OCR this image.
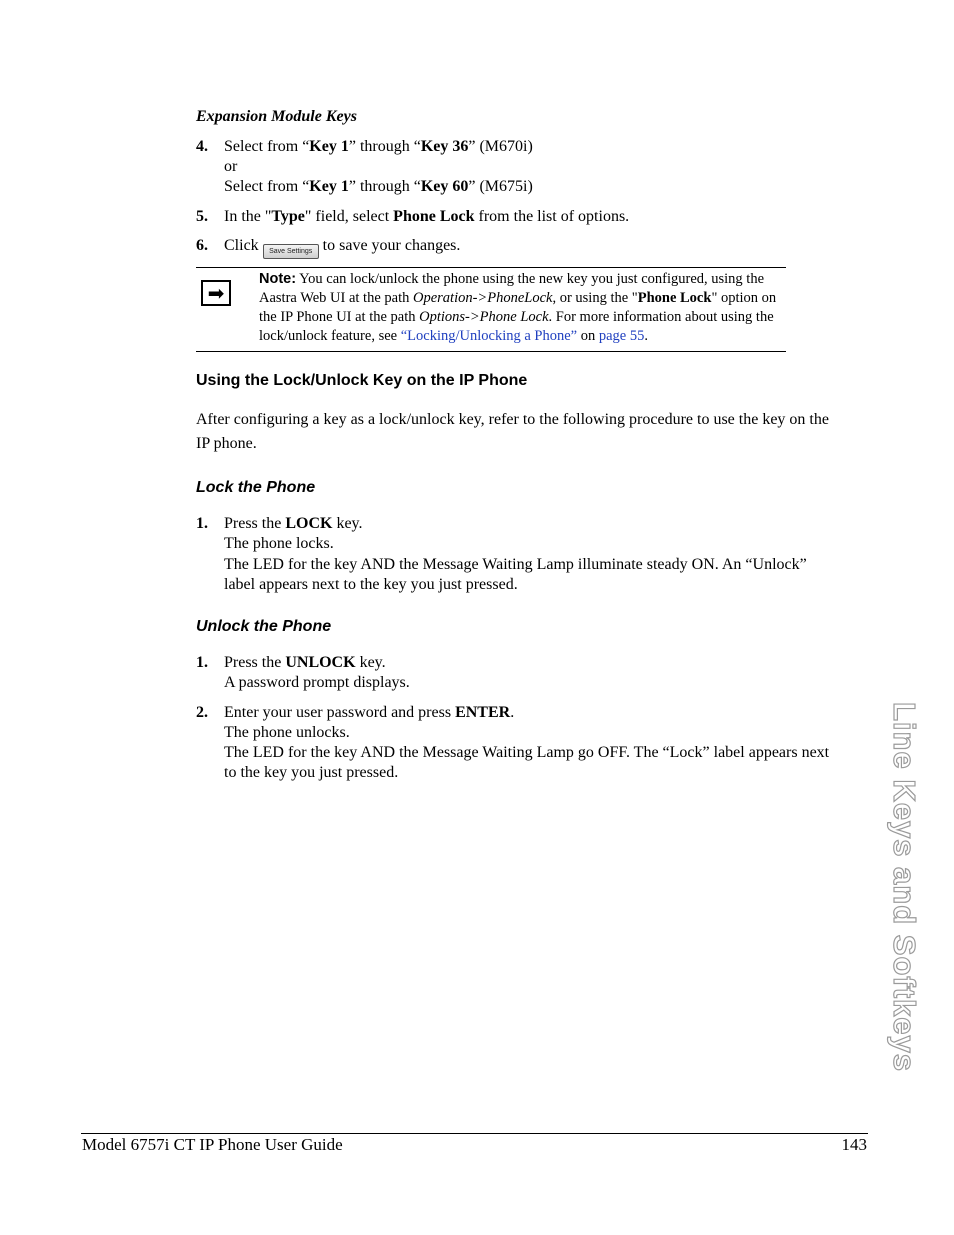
Expansion Module Keys
4. Select from “Key 1” through “Key 36” (M670i)
or
Select from “Key 1” through “Key 60” (M675i)
5. In the "Type" field, select Phone Lock from the list of options.
6. Click Save Settings to save your changes.
➡
Note: You can lock/unlock the phone using the new key you just configured, using the Aastra Web UI at the path Operation->PhoneLock, or using the "Phone Lock" option on the IP Phone UI at the path Options->Phone Lock. For more information about using the lock/unlock feature, see “Locking/Unlocking a Phone” on page 55.
Using the Lock/Unlock Key on the IP Phone
After configuring a key as a lock/unlock key, refer to the following procedure to use the key on the
IP phone.
Lock the Phone
1. Press the LOCK key.
The phone locks.
The LED for the key AND the Message Waiting Lamp illuminate steady ON. An “Unlock”
label appears next to the key you just pressed.
Unlock the Phone
1. Press the UNLOCK key.
A password prompt displays.
2. Enter your user password and press ENTER.
The phone unlocks.
The LED for the key AND the Message Waiting Lamp go OFF. The “Lock” label appears next
to the key you just pressed.	Line Keys and Softkeys
Model 6757i CT IP Phone User Guide	143
